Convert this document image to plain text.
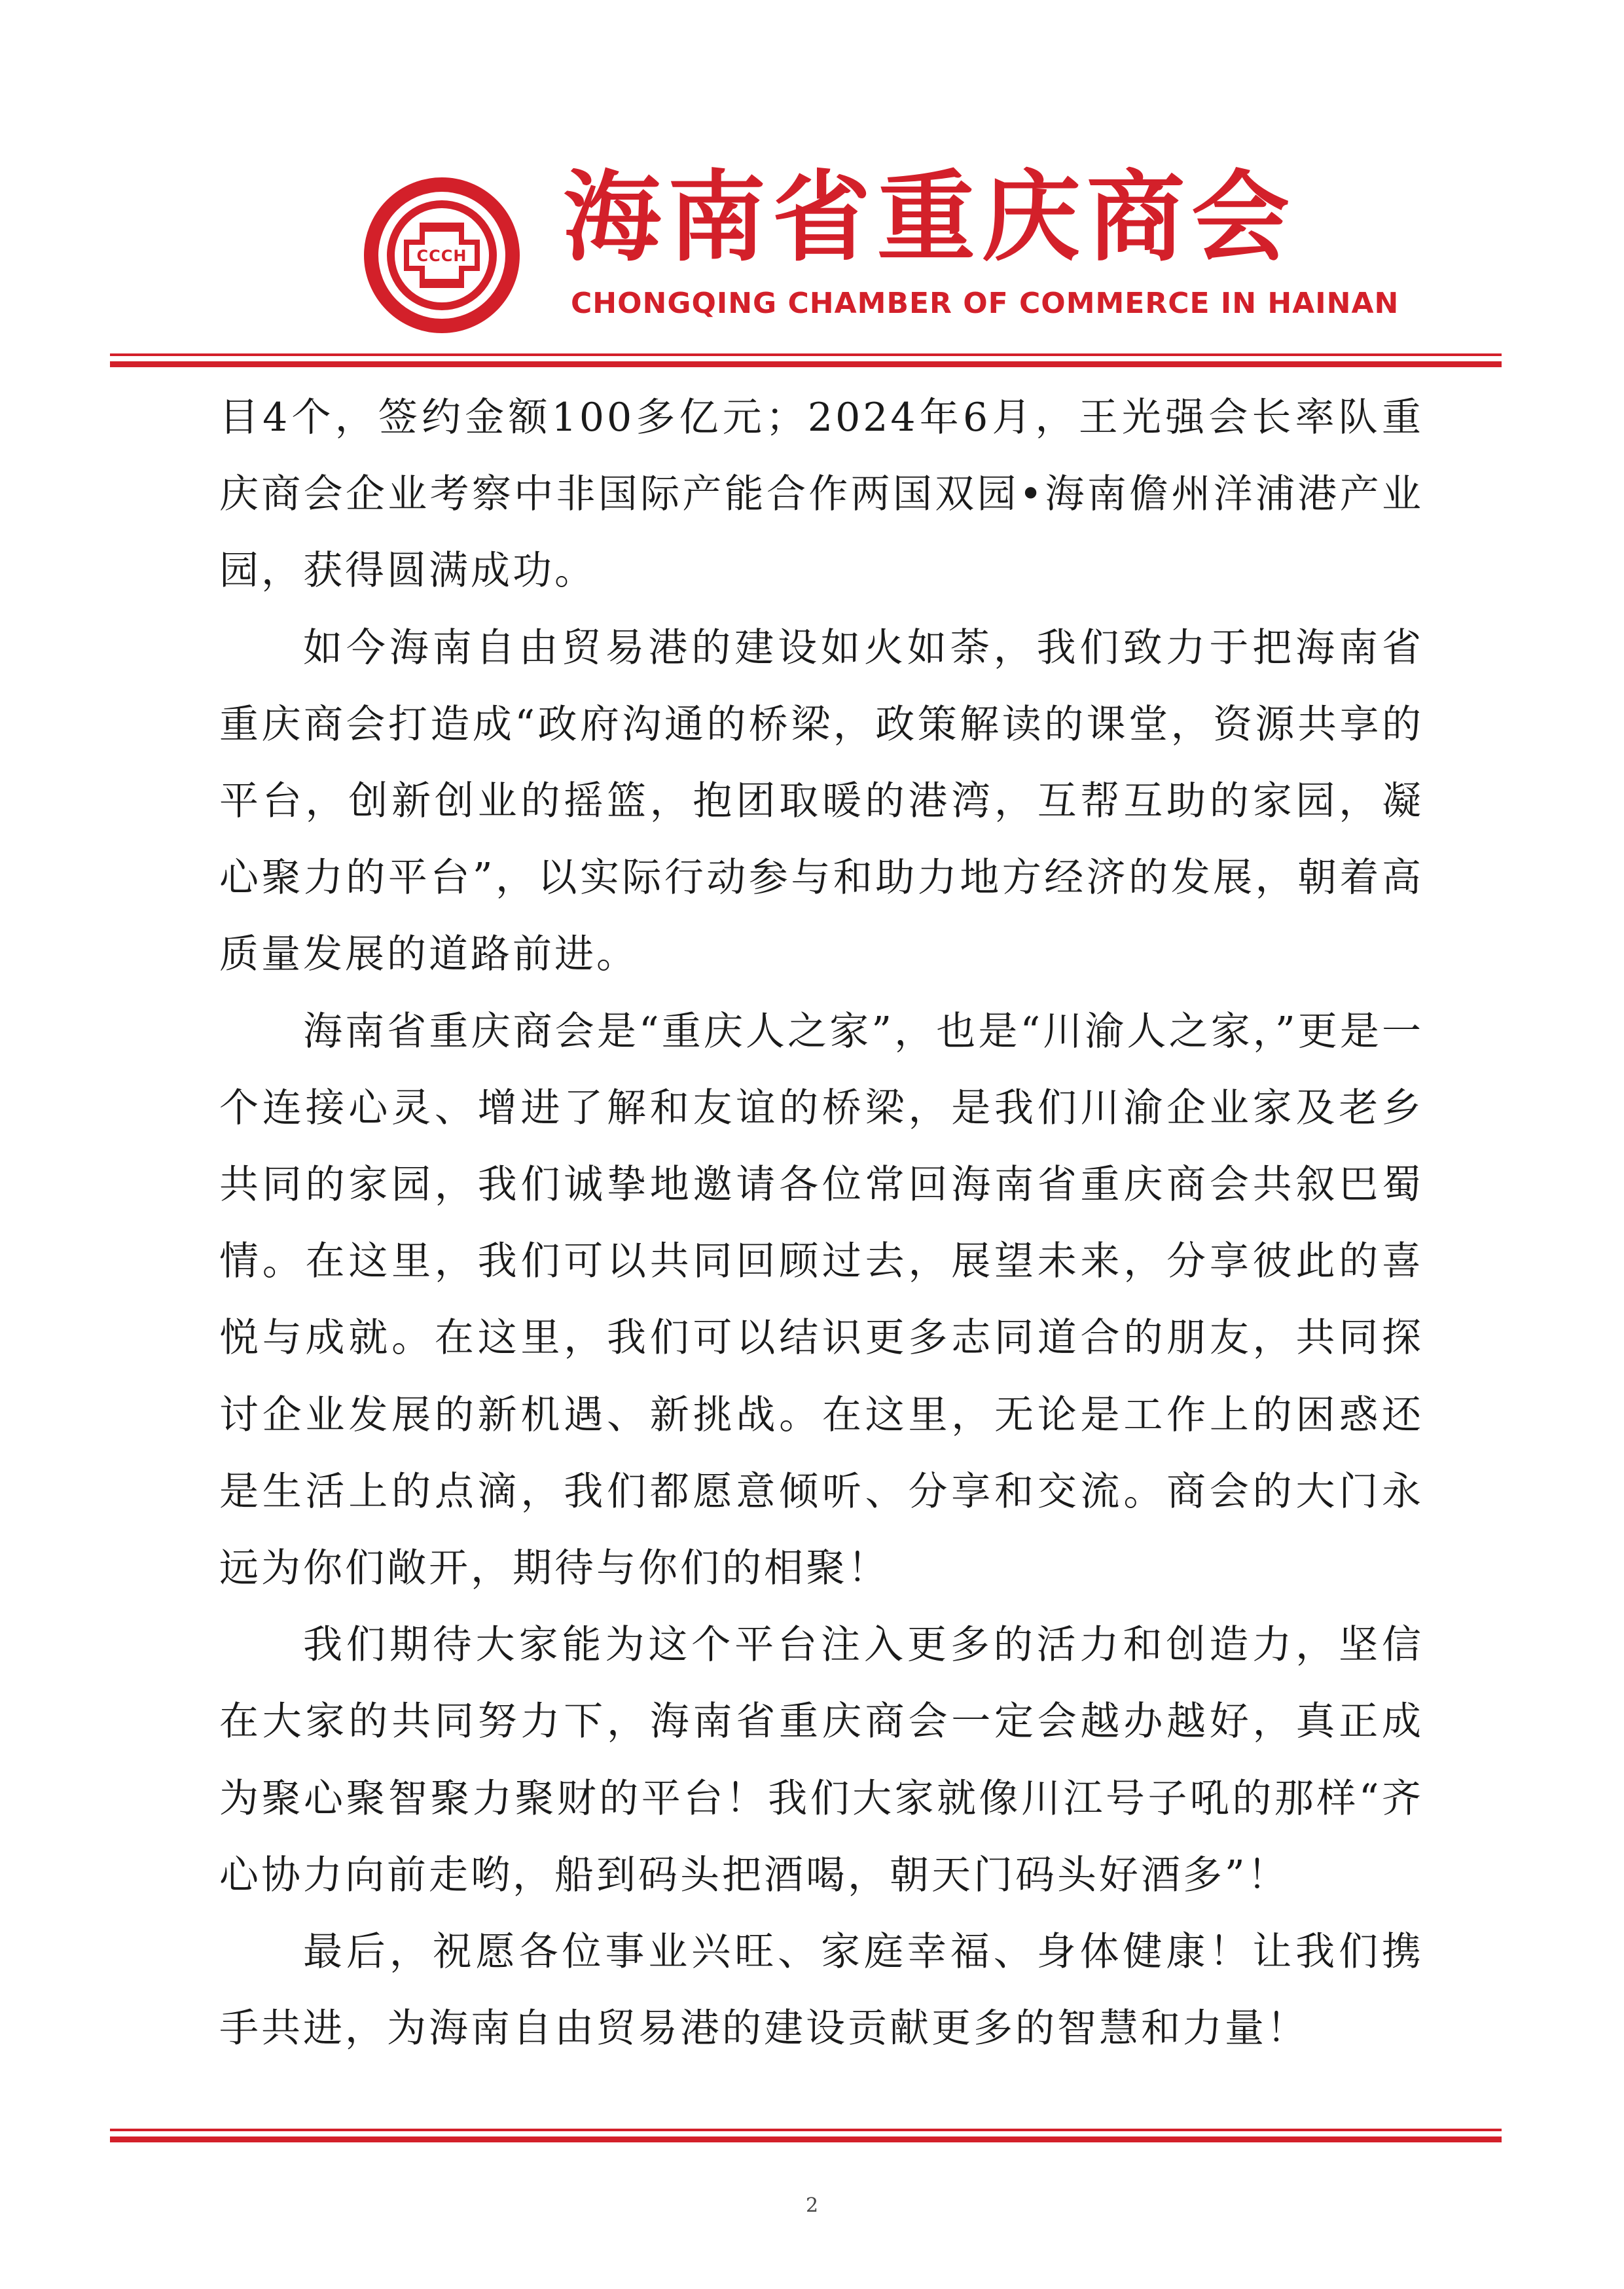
CCCH 海南省重庆商会
CHONGQING CHAMBER OF COMMERCE IN HAINAN

目4个，签约金额100多亿元；2024年6月，王光强会长率队重庆商会企业考察中非国际产能合作两国双园•海南儋州洋浦港产业园，获得圆满成功。

如今海南自由贸易港的建设如火如荼，我们致力于把海南省重庆商会打造成“政府沟通的桥梁，政策解读的课堂，资源共享的平台，创新创业的摇篮，抱团取暖的港湾，互帮互助的家园，凝心聚力的平台”，以实际行动参与和助力地方经济的发展，朝着高质量发展的道路前进。

海南省重庆商会是“重庆人之家”，也是“川渝人之家，”更是一个连接心灵、增进了解和友谊的桥梁，是我们川渝企业家及老乡共同的家园，我们诚挚地邀请各位常回海南省重庆商会共叙巴蜀情。在这里，我们可以共同回顾过去，展望未来，分享彼此的喜悦与成就。在这里，我们可以结识更多志同道合的朋友，共同探讨企业发展的新机遇、新挑战。在这里，无论是工作上的困惑还是生活上的点滴，我们都愿意倾听、分享和交流。商会的大门永远为你们敞开，期待与你们的相聚！

我们期待大家能为这个平台注入更多的活力和创造力，坚信在大家的共同努力下，海南省重庆商会一定会越办越好，真正成为聚心聚智聚力聚财的平台！我们大家就像川江号子吼的那样“齐心协力向前走哟，船到码头把酒喝，朝天门码头好酒多”！

最后，祝愿各位事业兴旺、家庭幸福、身体健康！让我们携手共进，为海南自由贸易港的建设贡献更多的智慧和力量！

2
